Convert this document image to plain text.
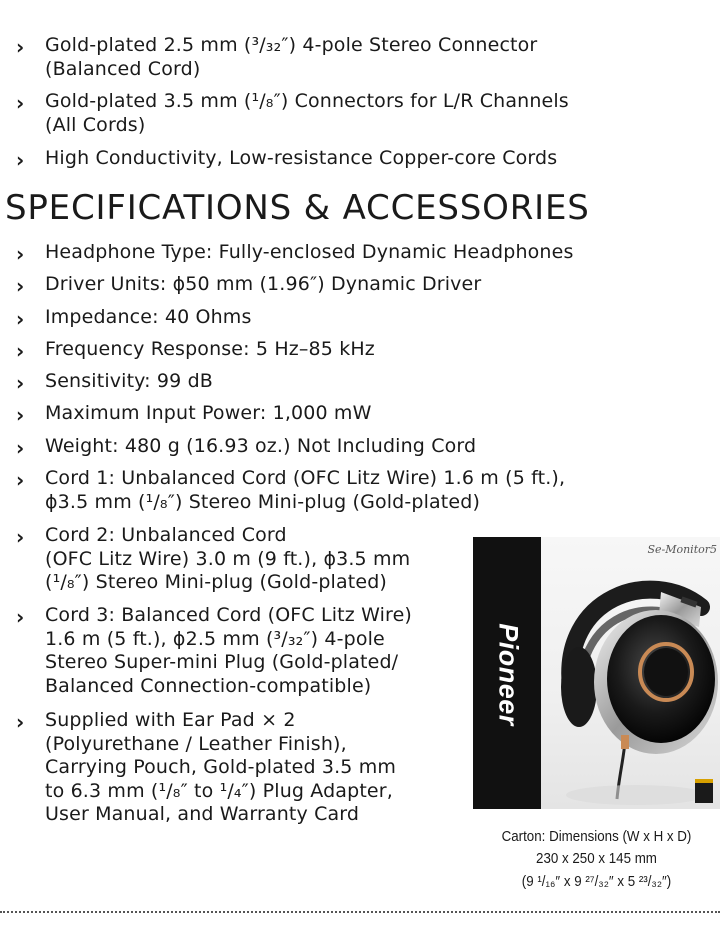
› Gold-plated 2.5 mm (³/₃₂″) 4-pole Stereo Connector
(Balanced Cord)
› Gold-plated 3.5 mm (¹/₈″) Connectors for L/R Channels
(All Cords)
› High Conductivity, Low-resistance Copper-core Cords
SPECIFICATIONS & ACCESSORIES
› Headphone Type: Fully-enclosed Dynamic Headphones
› Driver Units: ϕ50 mm (1.96″) Dynamic Driver
› Impedance: 40 Ohms
› Frequency Response: 5 Hz–85 kHz
› Sensitivity: 99 dB
› Maximum Input Power: 1,000 mW
› Weight: 480 g (16.93 oz.) Not Including Cord
› Cord 1: Unbalanced Cord (OFC Litz Wire) 1.6 m (5 ft.),
ϕ3.5 mm (¹/₈″) Stereo Mini-plug (Gold-plated)
› Cord 2: Unbalanced Cord
(OFC Litz Wire) 3.0 m (9 ft.), ϕ3.5 mm
(¹/₈″) Stereo Mini-plug (Gold-plated)
› Cord 3: Balanced Cord (OFC Litz Wire)
1.6 m (5 ft.), ϕ2.5 mm (³/₃₂″) 4-pole
Stereo Super-mini Plug (Gold-plated/
Balanced Connection-compatible)
› Supplied with Ear Pad × 2
(Polyurethane / Leather Finish),
Carrying Pouch, Gold-plated 3.5 mm
to 6.3 mm (¹/₈″ to ¹/₄″) Plug Adapter,
User Manual, and Warranty Card
Pioneer
Se-Monitor5
Carton: Dimensions (W x H x D)
230 x 250 x 145 mm
(9 ¹/₁₆″ x 9 ²⁷/₃₂″ x 5 ²³/₃₂″)
